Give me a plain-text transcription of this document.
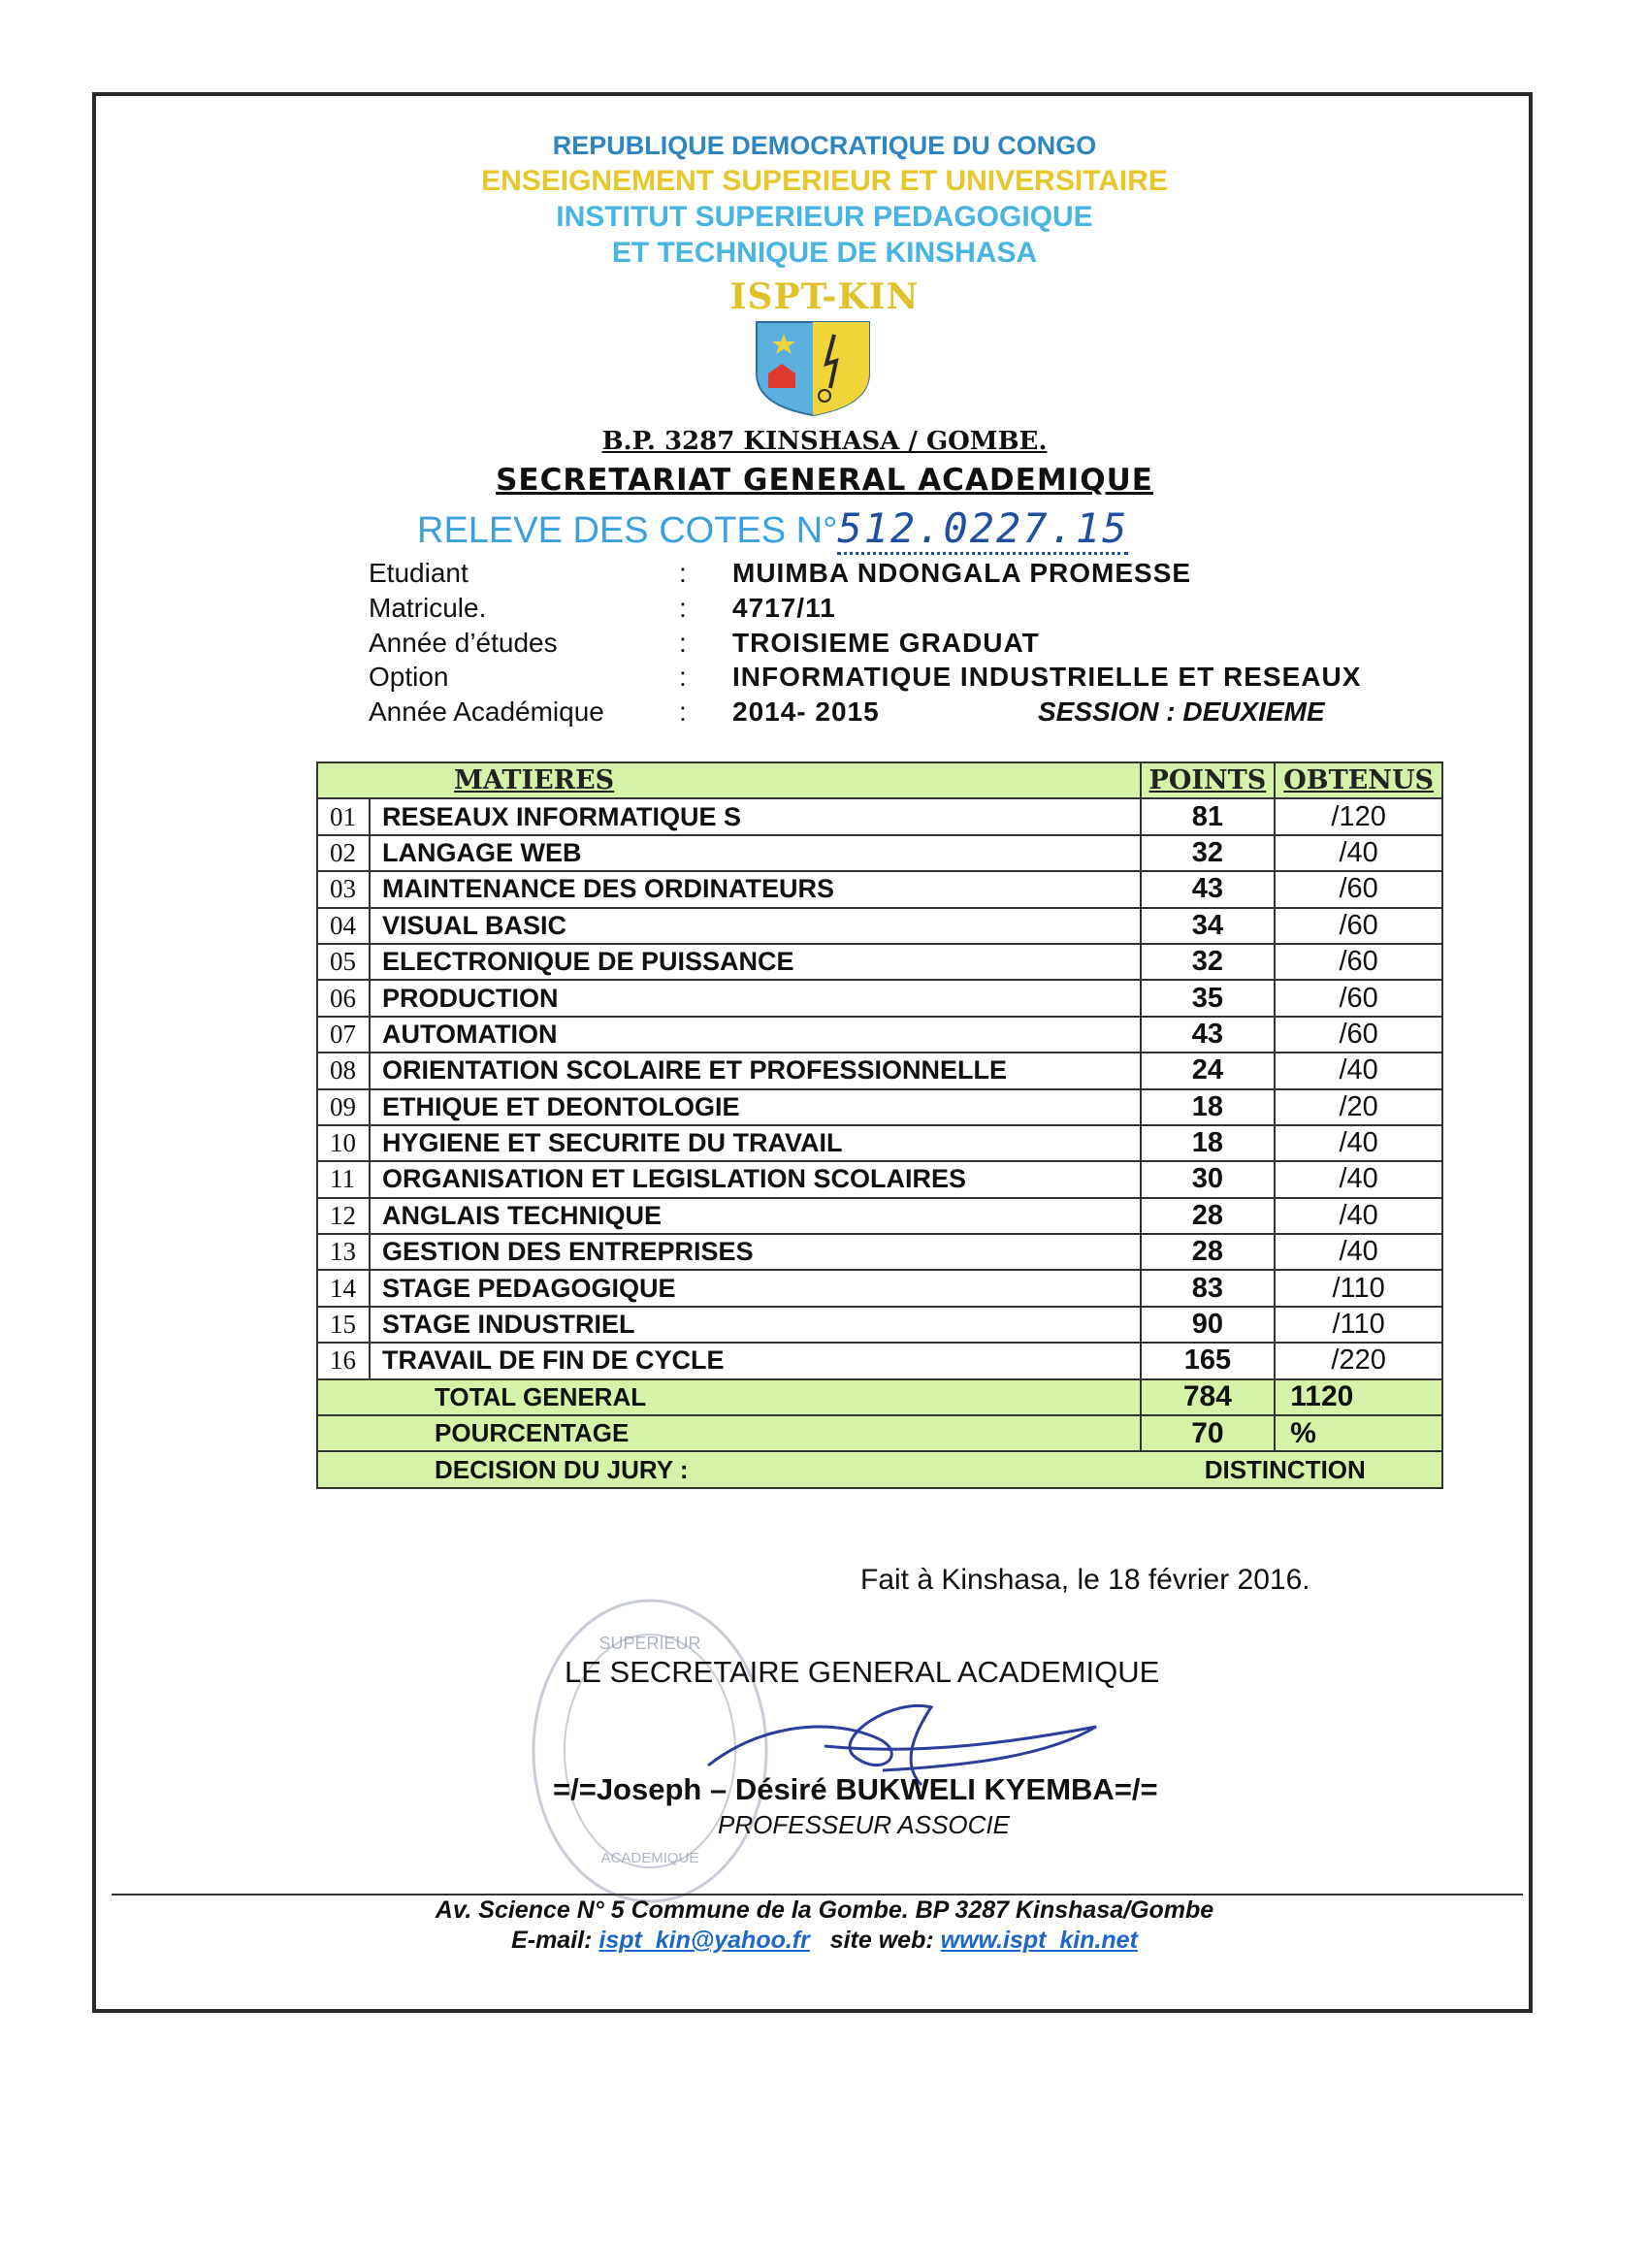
REPUBLIQUE DEMOCRATIQUE DU CONGO
ENSEIGNEMENT SUPERIEUR ET UNIVERSITAIRE
INSTITUT SUPERIEUR PEDAGOGIQUE
ET TECHNIQUE DE KINSHASA
ISPT-KIN
B.P. 3287 KINSHASA / GOMBE.
SECRETARIAT GENERAL ACADEMIQUE
RELEVE DES COTES N°512.0227.15
Etudiant	: MUIMBA NDONGALA PROMESSE
Matricule.	: 4717/11
Année d’études	: TROISIEME GRADUAT
Option	: INFORMATIQUE INDUSTRIELLE ET RESEAUX
Année Académique	: 2014- 2015	SESSION : DEUXIEME
MATIERES		POINTS	OBTENUS
01	RESEAUX INFORMATIQUE S	81	/120
02	LANGAGE WEB	32	/40
03	MAINTENANCE DES ORDINATEURS	43	/60
04	VISUAL BASIC	34	/60
05	ELECTRONIQUE DE PUISSANCE	32	/60
06	PRODUCTION	35	/60
07	AUTOMATION	43	/60
08	ORIENTATION SCOLAIRE ET PROFESSIONNELLE	24	/40
09	ETHIQUE ET DEONTOLOGIE	18	/20
10	HYGIENE ET SECURITE DU TRAVAIL	18	/40
11	ORGANISATION ET LEGISLATION SCOLAIRES	30	/40
12	ANGLAIS TECHNIQUE	28	/40
13	GESTION DES ENTREPRISES	28	/40
14	STAGE PEDAGOGIQUE	83	/110
15	STAGE INDUSTRIEL	90	/110
16	TRAVAIL DE FIN DE CYCLE	165	/220
TOTAL GENERAL		784	1120
POURCENTAGE		70	%
DECISION DU JURY :		DISTINCTION	
Fait à Kinshasa, le 18 février 2016.
SUPERIEUR
ACADEMIQUE
LE SECRETAIRE GENERAL ACADEMIQUE
=/=Joseph – Désiré BUKWELI KYEMBA=/=
PROFESSEUR ASSOCIE
Av. Science N° 5 Commune de la Gombe. BP 3287 Kinshasa/Gombe
E-mail: ispt_kin@yahoo.fr site web: www.ispt_kin.net
